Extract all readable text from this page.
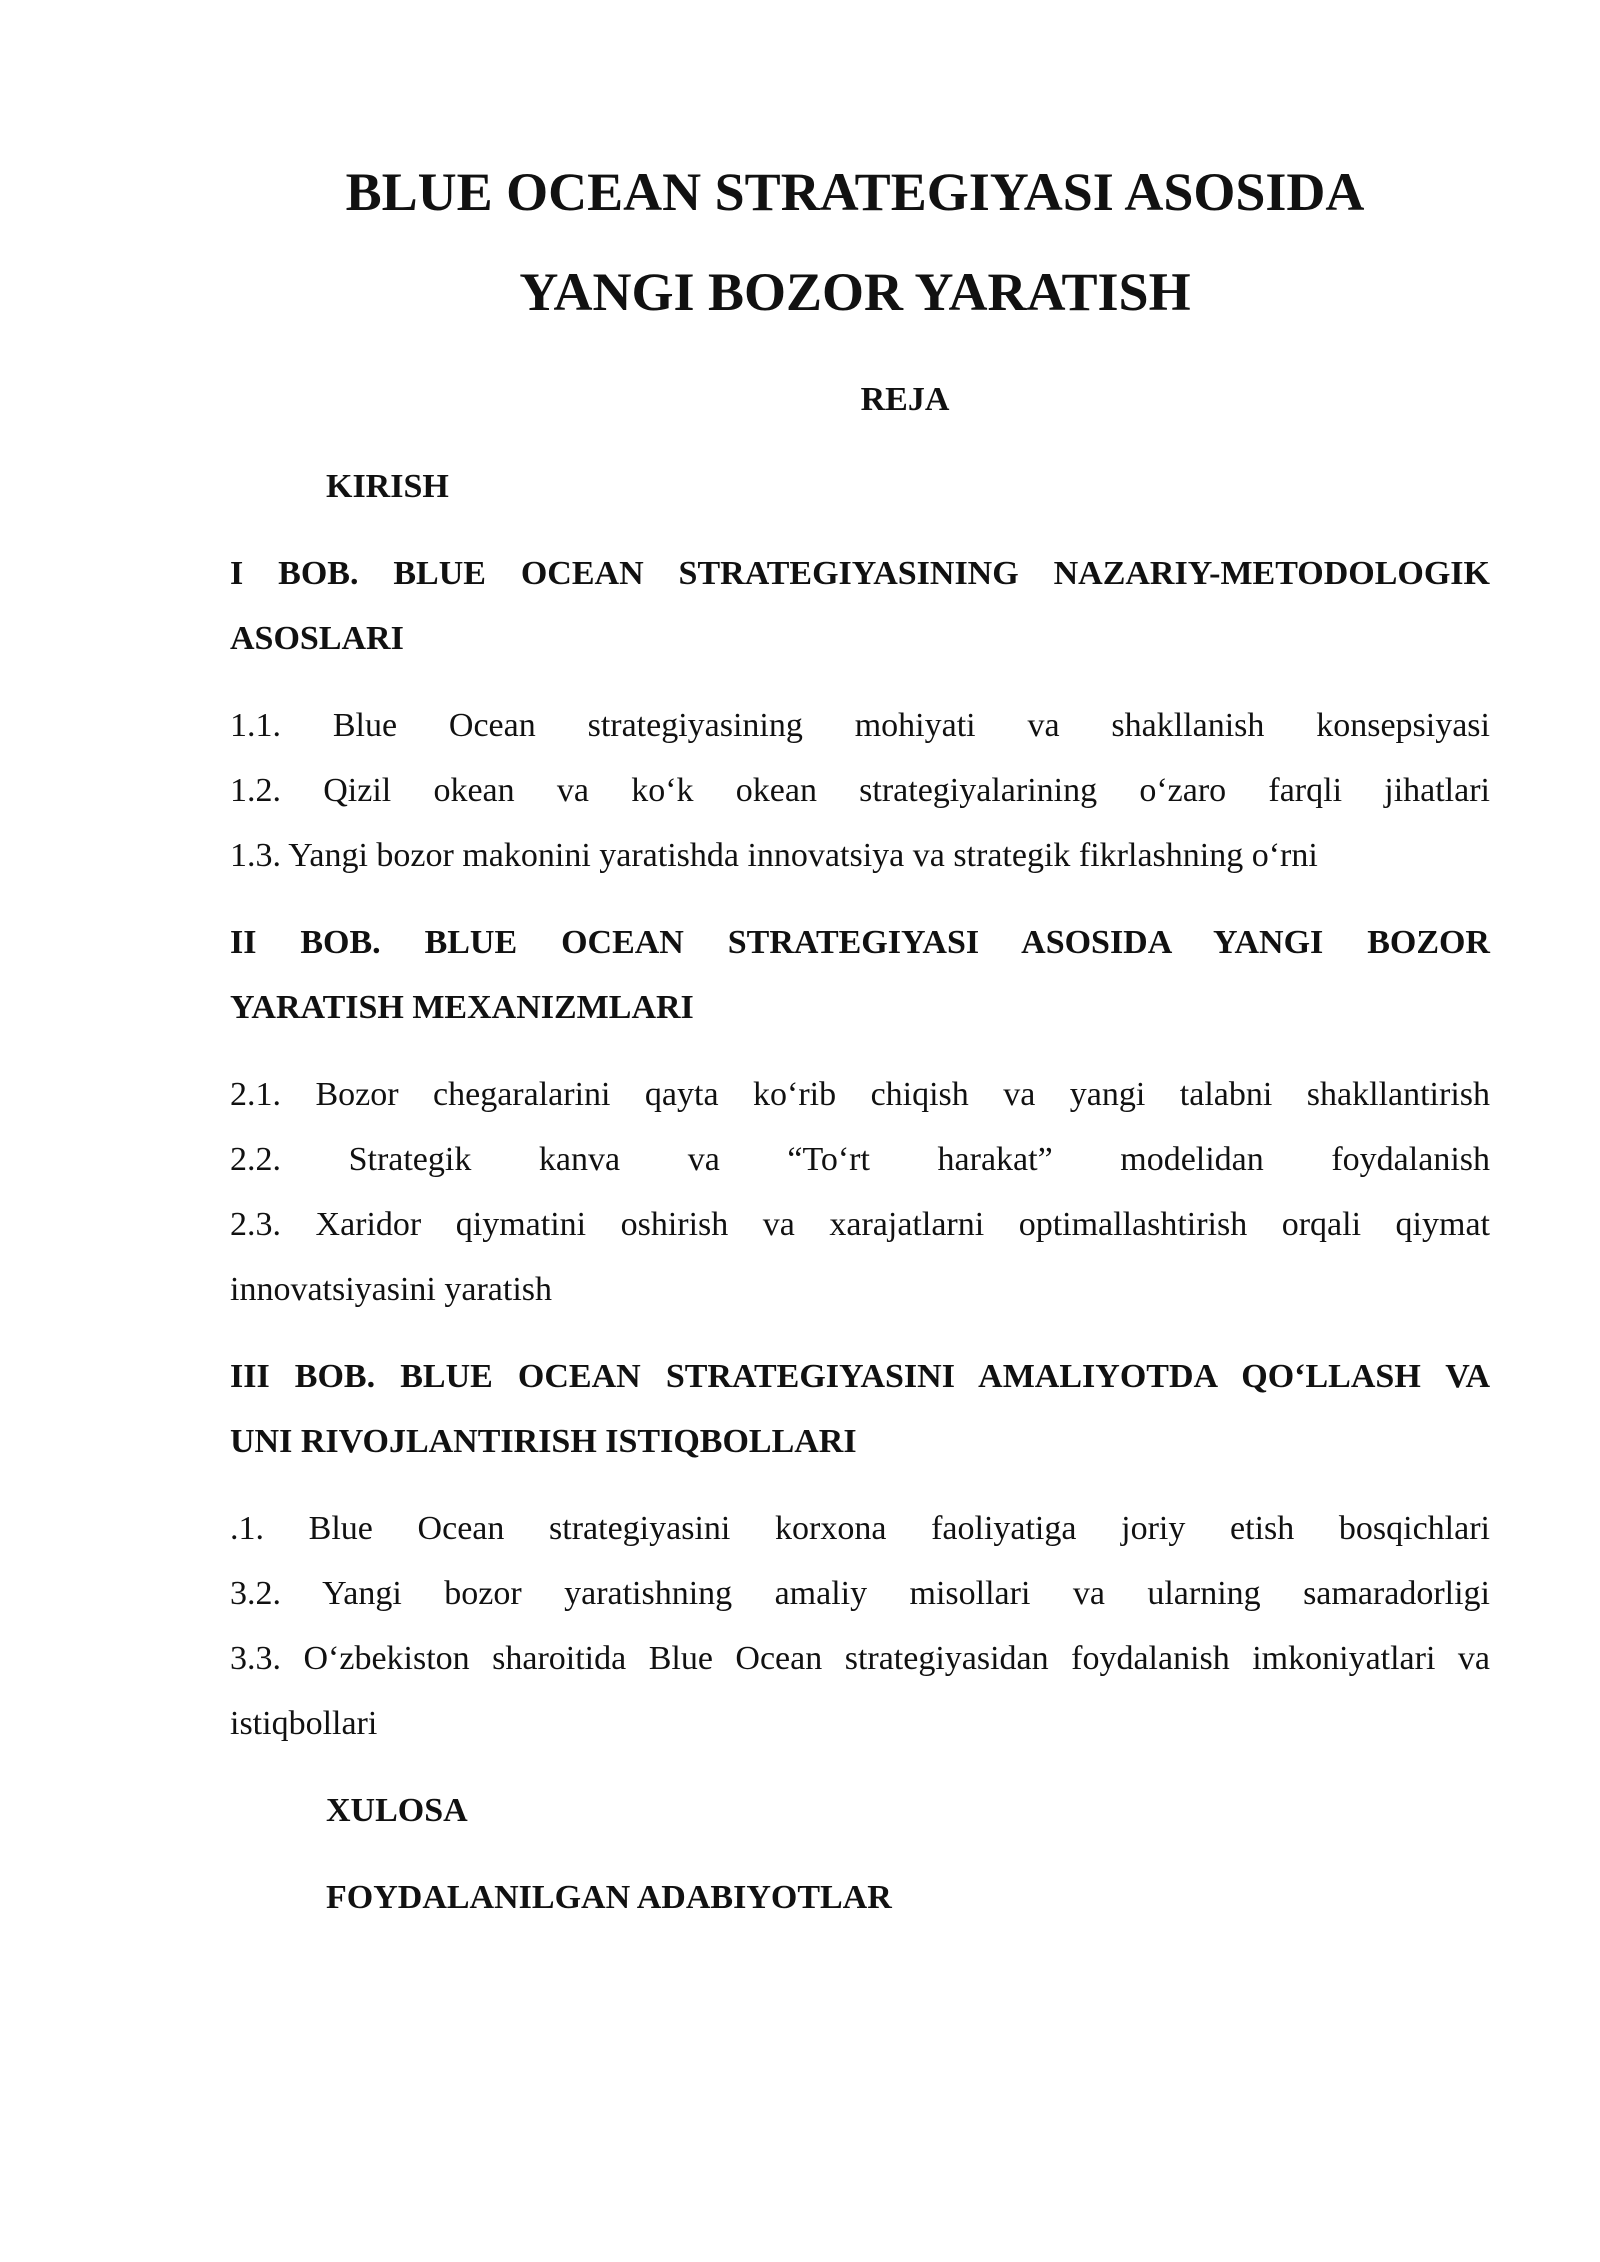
BLUE OCEAN STRATEGIYASI ASOSIDA
YANGI BOZOR YARATISH
REJA
KIRISH
I BOB. BLUE OCEAN STRATEGIYASINING NAZARIY-METODOLOGIK
ASOSLARI
1.1. Blue Ocean strategiyasining mohiyati va shakllanish konsepsiyasi
1.2. Qizil okean va ko‘k okean strategiyalarining o‘zaro farqli jihatlari
1.3. Yangi bozor makonini yaratishda innovatsiya va strategik fikrlashning o‘rni
II BOB. BLUE OCEAN STRATEGIYASI ASOSIDA YANGI BOZOR
YARATISH MEXANIZMLARI
2.1. Bozor chegaralarini qayta ko‘rib chiqish va yangi talabni shakllantirish
2.2. Strategik kanva va “To‘rt harakat” modelidan foydalanish
2.3. Xaridor qiymatini oshirish va xarajatlarni optimallashtirish orqali qiymat
innovatsiyasini yaratish
III BOB. BLUE OCEAN STRATEGIYASINI AMALIYOTDA QO‘LLASH VA
UNI RIVOJLANTIRISH ISTIQBOLLARI
.1. Blue Ocean strategiyasini korxona faoliyatiga joriy etish bosqichlari
3.2. Yangi bozor yaratishning amaliy misollari va ularning samaradorligi
3.3. O‘zbekiston sharoitida Blue Ocean strategiyasidan foydalanish imkoniyatlari va
istiqbollari
XULOSA
FOYDALANILGAN ADABIYOTLAR
